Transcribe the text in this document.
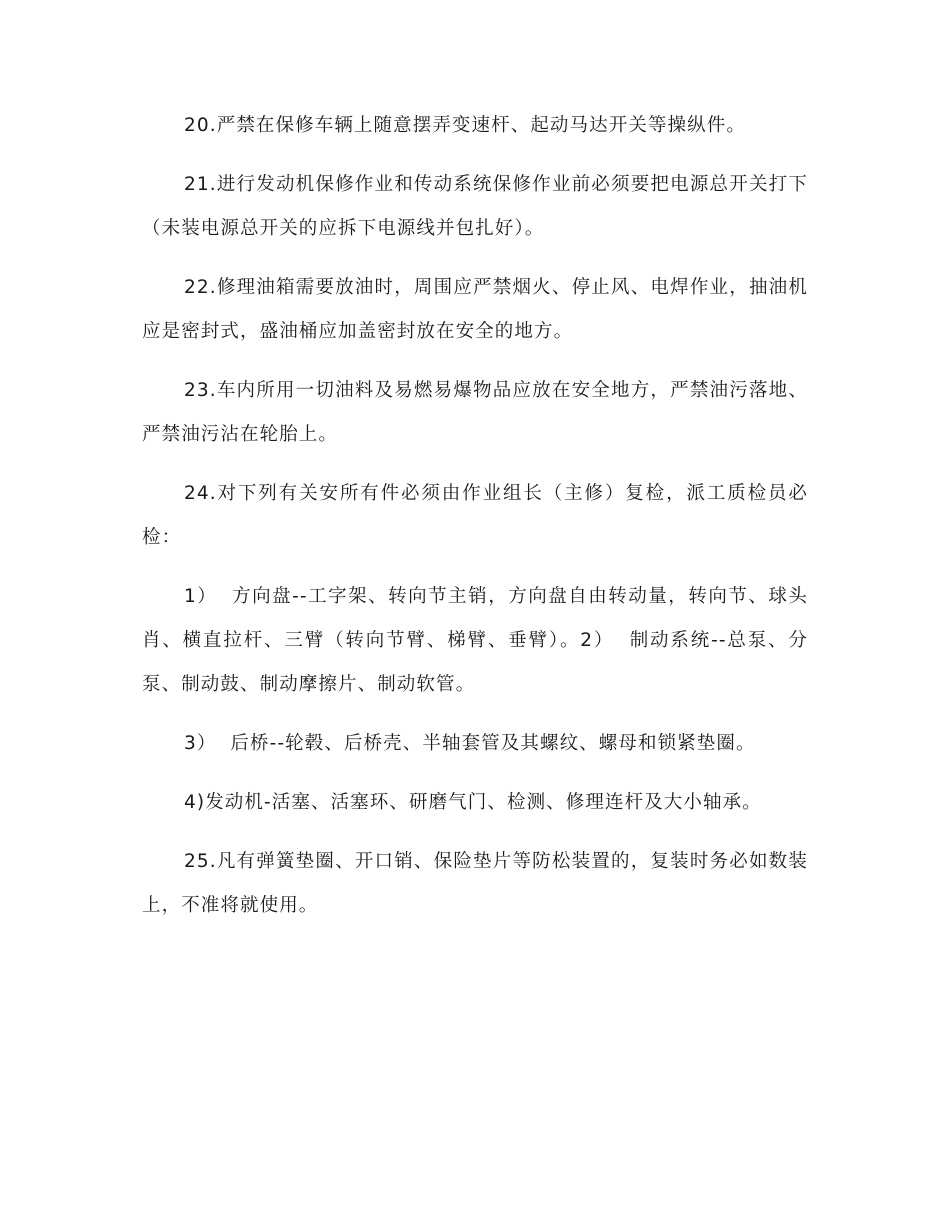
20.严禁在保修车辆上随意摆弄变速杆、起动马达开关等操纵件。

21.进行发动机保修作业和传动系统保修作业前必须要把电源总开关打下（未装电源总开关的应拆下电源线并包扎好）。

22.修理油箱需要放油时，周围应严禁烟火、停止风、电焊作业，抽油机应是密封式，盛油桶应加盖密封放在安全的地方。

23.车内所用一切油料及易燃易爆物品应放在安全地方，严禁油污落地、严禁油污沾在轮胎上。

24.对下列有关安所有件必须由作业组长（主修）复检，派工质检员必检：

1）  方向盘--工字架、转向节主销，方向盘自由转动量，转向节、球头肖、横直拉杆、三臂（转向节臂、梯臂、垂臂）。2）  制动系统--总泵、分泵、制动鼓、制动摩擦片、制动软管。

3）  后桥--轮毂、后桥壳、半轴套管及其螺纹、螺母和锁紧垫圈。

4)发动机-活塞、活塞环、研磨气门、检测、修理连杆及大小轴承。

25.凡有弹簧垫圈、开口销、保险垫片等防松装置的，复装时务必如数装上，不准将就使用。
